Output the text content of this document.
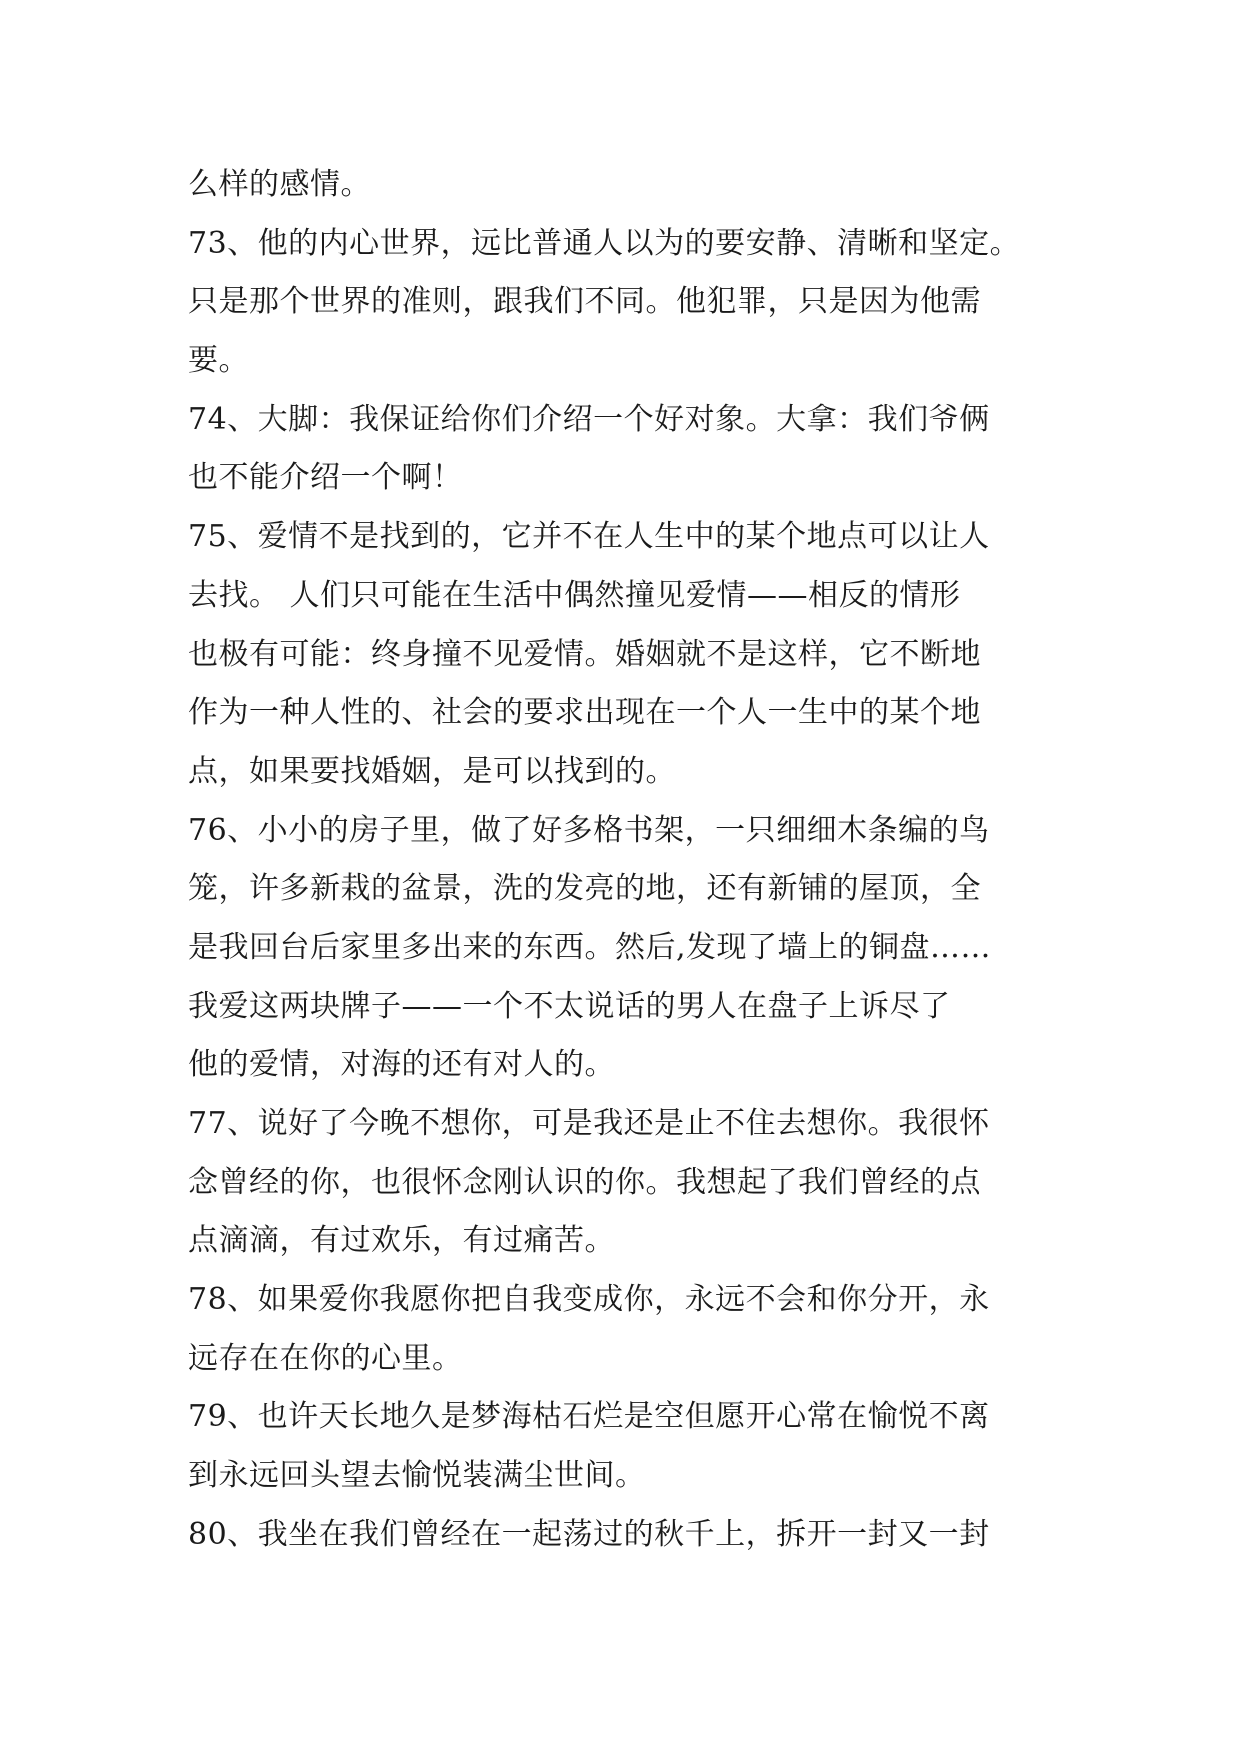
么样的感情。
73、他的内心世界，远比普通人以为的要安静、清晰和坚定。
只是那个世界的准则，跟我们不同。他犯罪，只是因为他需
要。
74、大脚：我保证给你们介绍一个好对象。大拿：我们爷俩
也不能介绍一个啊！
75、爱情不是找到的，它并不在人生中的某个地点可以让人
去找。 人们只可能在生活中偶然撞见爱情——相反的情形
也极有可能：终身撞不见爱情。婚姻就不是这样，它不断地
作为一种人性的、社会的要求出现在一个人一生中的某个地
点，如果要找婚姻，是可以找到的。
76、小小的房子里，做了好多格书架，一只细细木条编的鸟
笼，许多新栽的盆景，洗的发亮的地，还有新铺的屋顶，全
是我回台后家里多出来的东西。然后,发现了墙上的铜盘……
我爱这两块牌子——一个不太说话的男人在盘子上诉尽了
他的爱情，对海的还有对人的。
77、说好了今晚不想你，可是我还是止不住去想你。我很怀
念曾经的你，也很怀念刚认识的你。我想起了我们曾经的点
点滴滴，有过欢乐，有过痛苦。
78、如果爱你我愿你把自我变成你，永远不会和你分开，永
远存在在你的心里。
79、也许天长地久是梦海枯石烂是空但愿开心常在愉悦不离
到永远回头望去愉悦装满尘世间。
80、我坐在我们曾经在一起荡过的秋千上，拆开一封又一封
